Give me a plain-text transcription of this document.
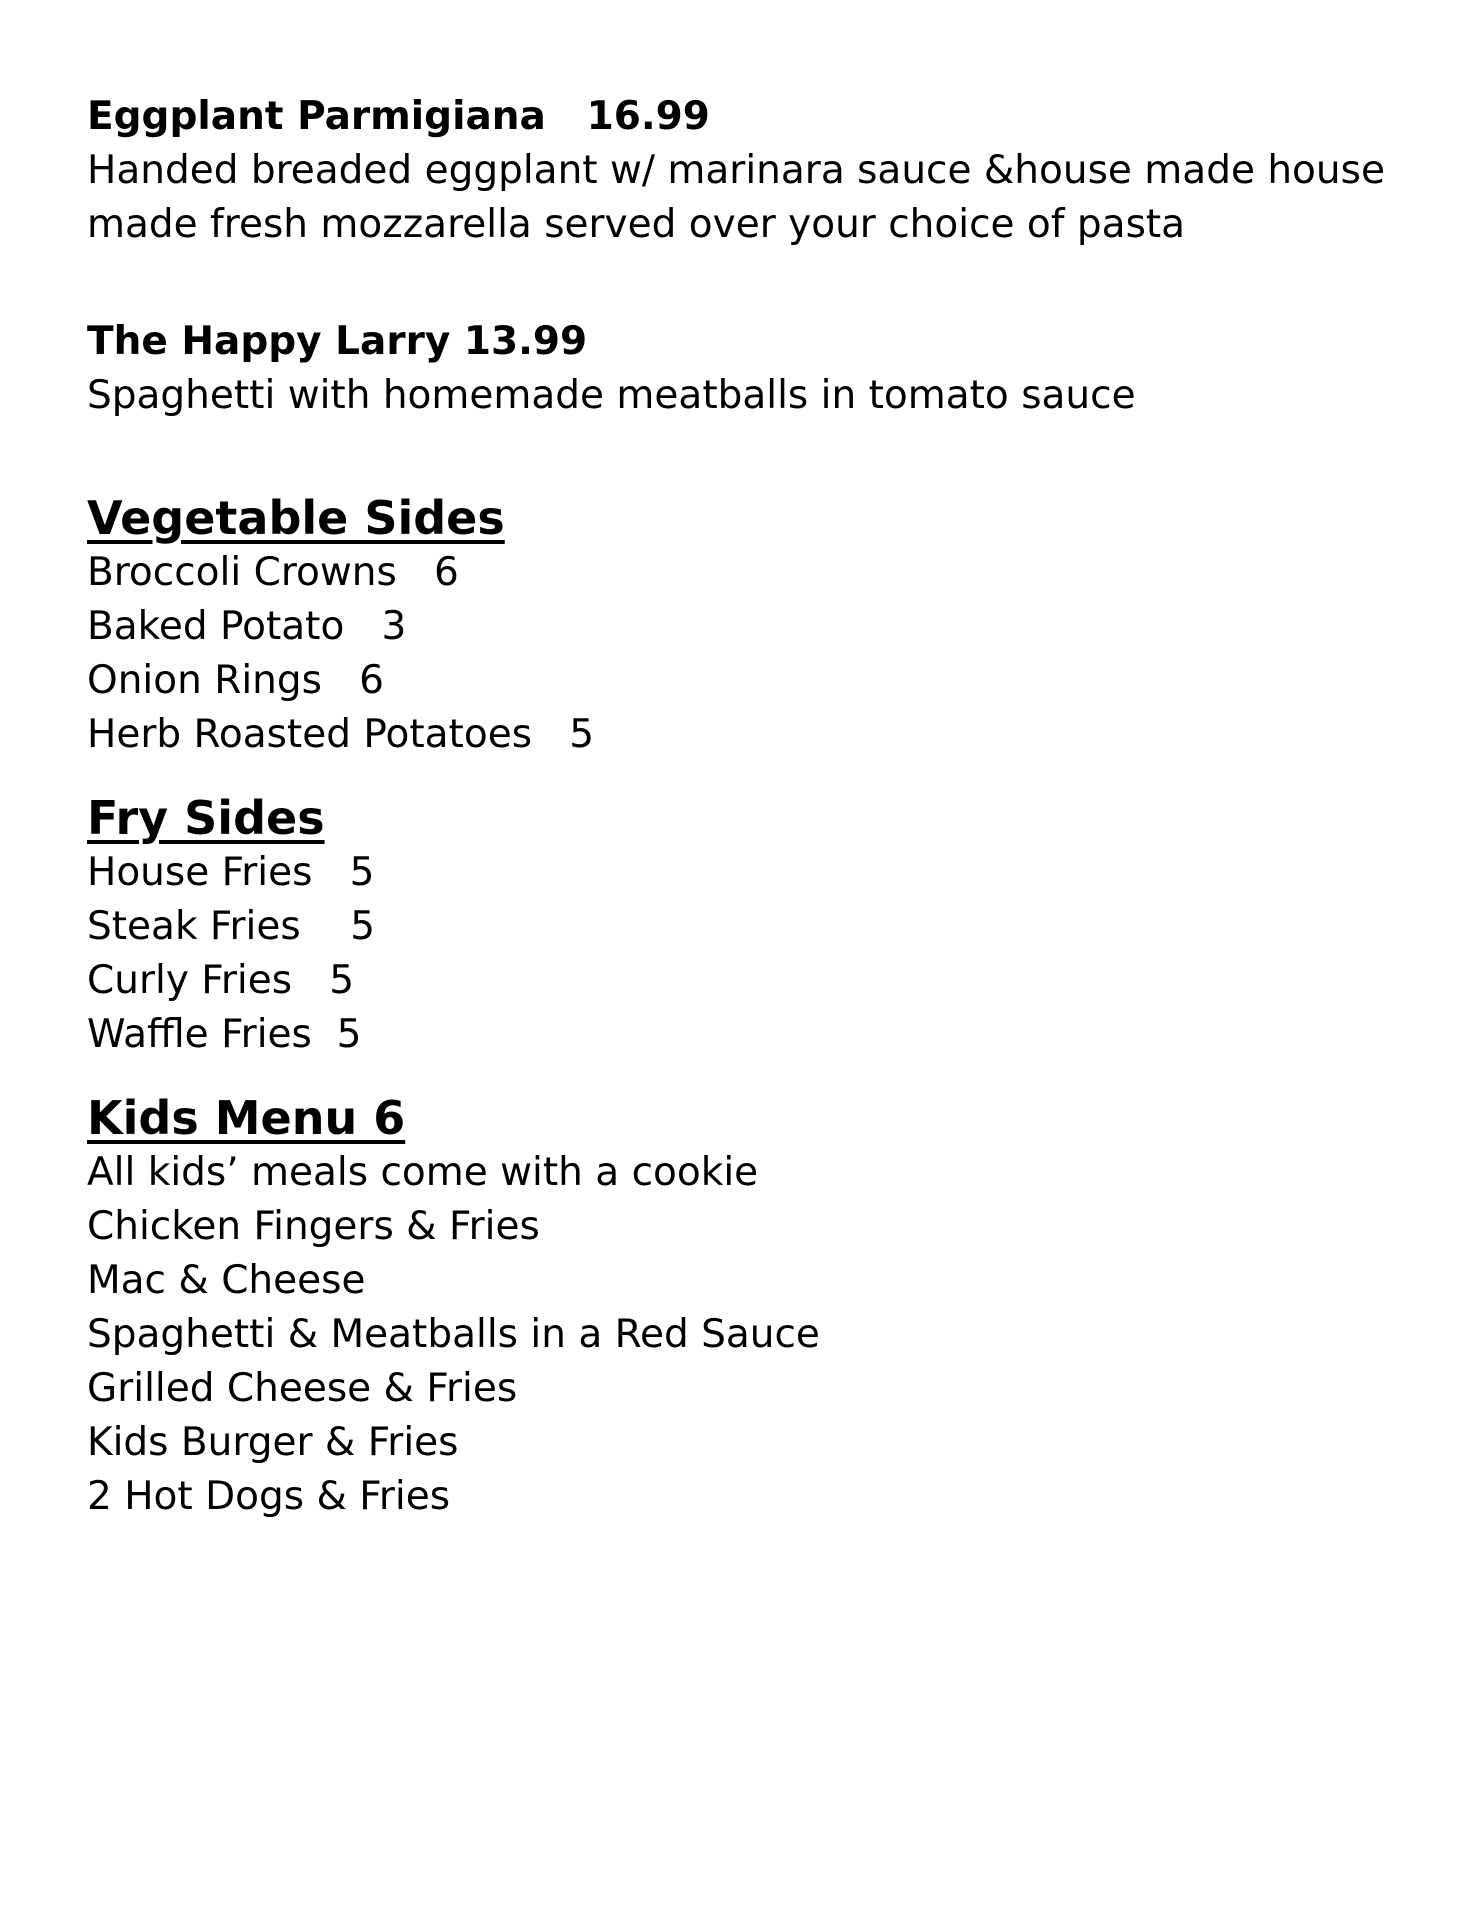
Eggplant Parmigiana   16.99
Handed breaded eggplant w/ marinara sauce &house made house
made fresh mozzarella served over your choice of pasta
The Happy Larry 13.99
Spaghetti with homemade meatballs in tomato sauce
Vegetable Sides
Broccoli Crowns   6
Baked Potato   3
Onion Rings   6
Herb Roasted Potatoes   5
Fry Sides
House Fries   5
Steak Fries    5
Curly Fries   5
Waffle Fries  5
Kids Menu 6
All kids’ meals come with a cookie
Chicken Fingers & Fries
Mac & Cheese
Spaghetti & Meatballs in a Red Sauce
Grilled Cheese & Fries
Kids Burger & Fries
2 Hot Dogs & Fries
